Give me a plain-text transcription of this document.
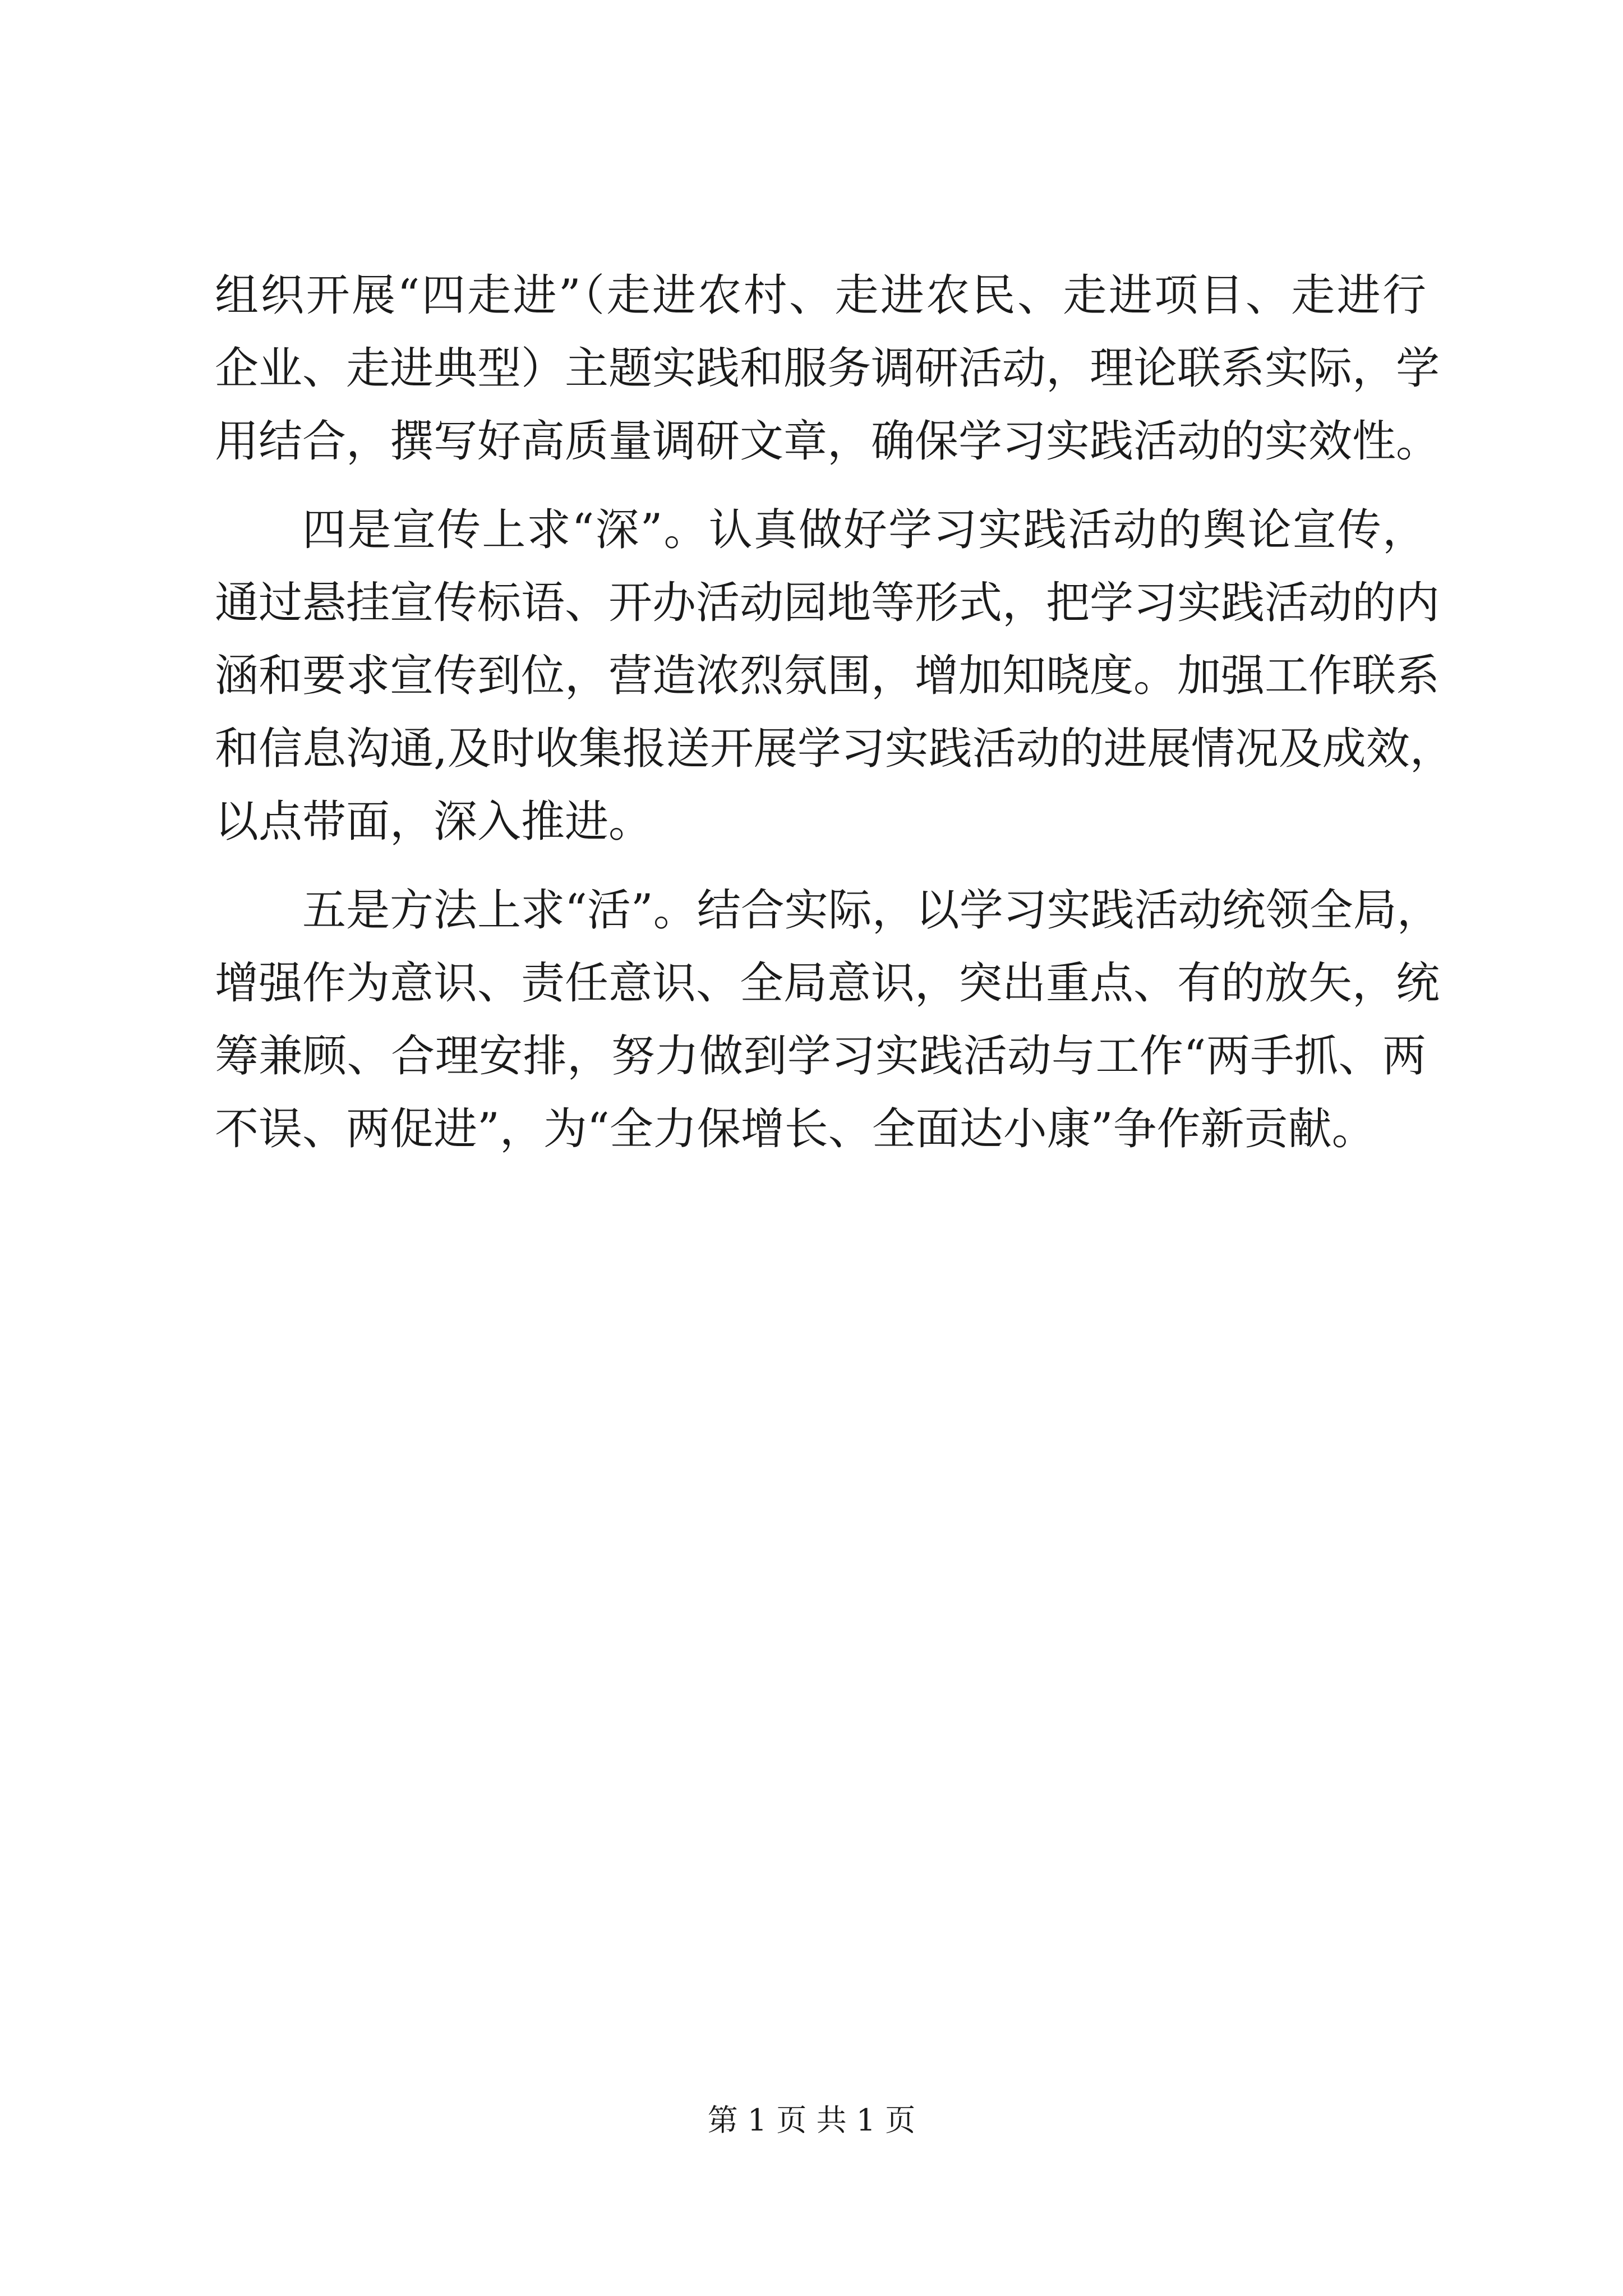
组织开展“四走进”（走进农村、走进农民、走进项目、走进行
企业、走进典型）主题实践和服务调研活动，理论联系实际，学
用结合，撰写好高质量调研文章，确保学习实践活动的实效性。
四是宣传上求“深”。认真做好学习实践活动的舆论宣传，
通过悬挂宣传标语、开办活动园地等形式，把学习实践活动的内
涵和要求宣传到位，营造浓烈氛围，增加知晓度。加强工作联系
和信息沟通,及时收集报送开展学习实践活动的进展情况及成效，
以点带面，深入推进。
五是方法上求“活”。结合实际，以学习实践活动统领全局，
增强作为意识、责任意识、全局意识，突出重点、有的放矢，统
筹兼顾、合理安排，努力做到学习实践活动与工作“两手抓、两
不误、两促进”，为“全力保增长、全面达小康”争作新贡献。
第 1 页 共 1 页
